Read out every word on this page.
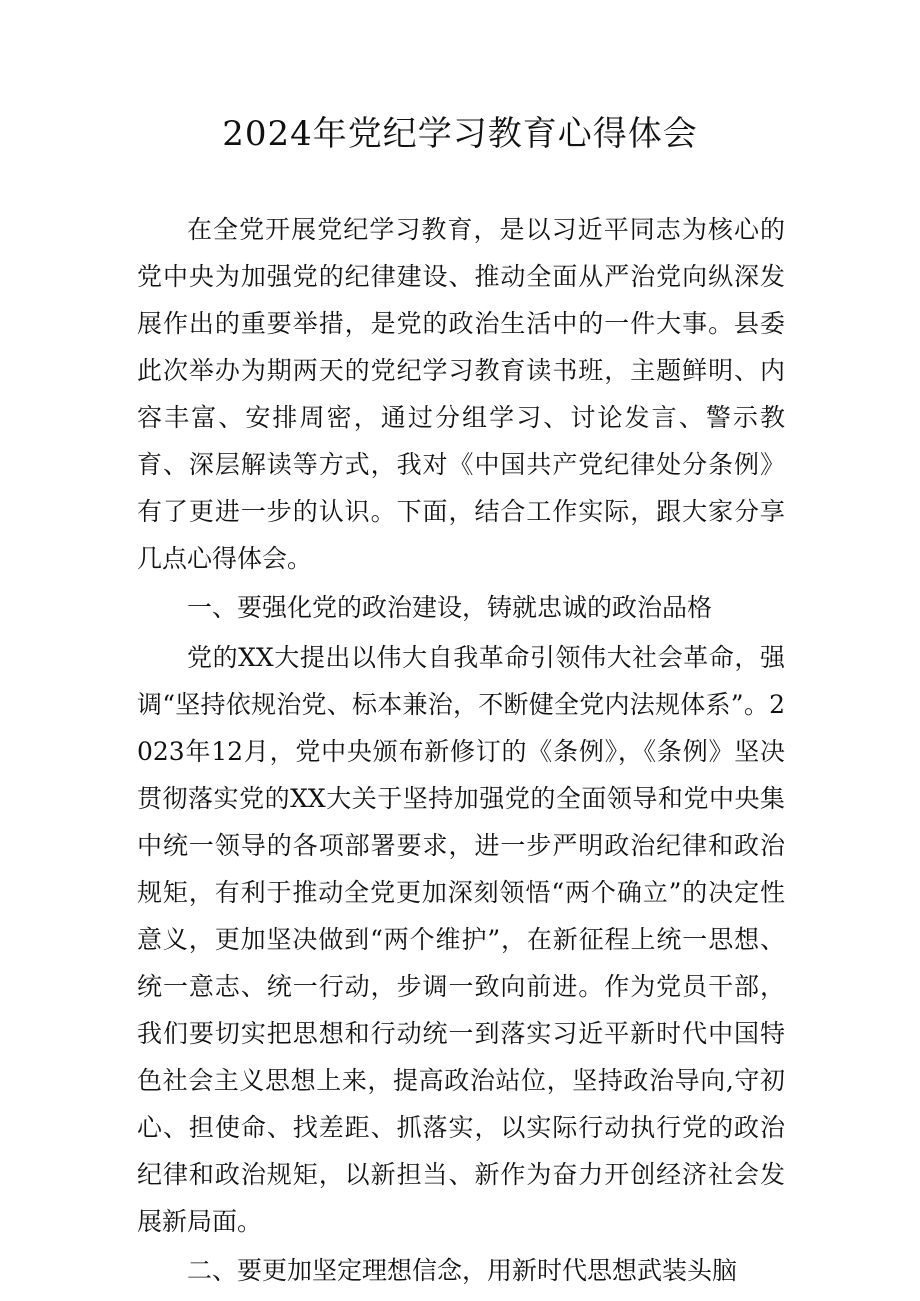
2024年党纪学习教育心得体会

在全党开展党纪学习教育，是以习近平同志为核心的党中央为加强党的纪律建设、推动全面从严治党向纵深发展作出的重要举措，是党的政治生活中的一件大事。县委此次举办为期两天的党纪学习教育读书班，主题鲜明、内容丰富、安排周密，通过分组学习、讨论发言、警示教育、深层解读等方式，我对《中国共产党纪律处分条例》有了更进一步的认识。下面，结合工作实际，跟大家分享几点心得体会。

一、要强化党的政治建设，铸就忠诚的政治品格

党的XX大提出以伟大自我革命引领伟大社会革命，强调“坚持依规治党、标本兼治，不断健全党内法规体系”。2023年12月，党中央颁布新修订的《条例》，《条例》坚决贯彻落实党的XX大关于坚持加强党的全面领导和党中央集中统一领导的各项部署要求，进一步严明政治纪律和政治规矩，有利于推动全党更加深刻领悟“两个确立”的决定性意义，更加坚决做到“两个维护”，在新征程上统一思想、统一意志、统一行动，步调一致向前进。作为党员干部，我们要切实把思想和行动统一到落实习近平新时代中国特色社会主义思想上来，提高政治站位，坚持政治导向,守初心、担使命、找差距、抓落实，以实际行动执行党的政治纪律和政治规矩，以新担当、新作为奋力开创经济社会发展新局面。

二、要更加坚定理想信念，用新时代思想武装头脑
